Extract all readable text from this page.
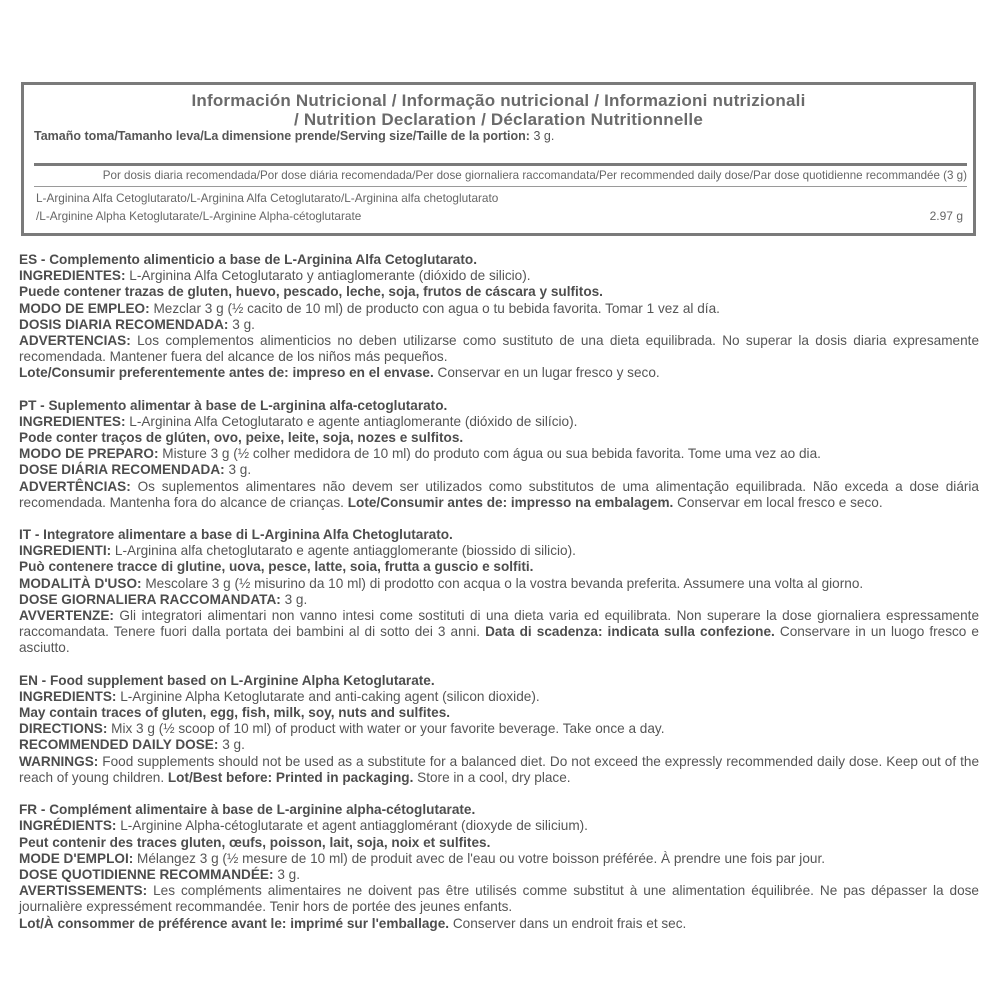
Información Nutricional / Informação nutricional / Informazioni nutrizionali
/ Nutrition Declaration / Déclaration Nutritionnelle
Tamaño toma/Tamanho leva/La dimensione prende/Serving size/Taille de la portion: 3 g.
Por dosis diaria recomendada/Por dose diária recomendada/Per dose giornaliera raccomandata/Per recommended daily dose/Par dose quotidienne recommandée (3 g)
L-Arginina Alfa Cetoglutarato/L-Arginina Alfa Cetoglutarato/L-Arginina alfa chetoglutarato
/L-Arginine Alpha Ketoglutarate/L-Arginine Alpha-cétoglutarate	2.97 g

ES - Complemento alimenticio a base de L-Arginina Alfa Cetoglutarato.

INGREDIENTES: L-Arginina Alfa Cetoglutarato y antiaglomerante (dióxido de silicio).

Puede contener trazas de gluten, huevo, pescado, leche, soja, frutos de cáscara y sulfitos.

MODO DE EMPLEO: Mezclar 3 g (½ cacito de 10 ml) de producto con agua o tu bebida favorita. Tomar 1 vez al día.

DOSIS DIARIA RECOMENDADA: 3 g.

ADVERTENCIAS: Los complementos alimenticios no deben utilizarse como sustituto de una dieta equilibrada. No superar la dosis diaria expresamente recomendada. Mantener fuera del alcance de los niños más pequeños.

Lote/Consumir preferentemente antes de: impreso en el envase. Conservar en un lugar fresco y seco.

PT - Suplemento alimentar à base de L-arginina alfa-cetoglutarato.

INGREDIENTES: L-Arginina Alfa Cetoglutarato e agente antiaglomerante (dióxido de silício).

Pode conter traços de glúten, ovo, peixe, leite, soja, nozes e sulfitos.

MODO DE PREPARO: Misture 3 g (½ colher medidora de 10 ml) do produto com água ou sua bebida favorita. Tome uma vez ao dia.

DOSE DIÁRIA RECOMENDADA: 3 g.

ADVERTÊNCIAS: Os suplementos alimentares não devem ser utilizados como substitutos de uma alimentação equilibrada. Não exceda a dose diária recomendada. Mantenha fora do alcance de crianças. Lote/Consumir antes de: impresso na embalagem. Conservar em local fresco e seco.

IT - Integratore alimentare a base di L-Arginina Alfa Chetoglutarato.

INGREDIENTI: L-Arginina alfa chetoglutarato e agente antiagglomerante (biossido di silicio).

Può contenere tracce di glutine, uova, pesce, latte, soia, frutta a guscio e solfiti.

MODALITÀ D'USO: Mescolare 3 g (½ misurino da 10 ml) di prodotto con acqua o la vostra bevanda preferita. Assumere una volta al giorno.

DOSE GIORNALIERA RACCOMANDATA: 3 g.

AVVERTENZE: Gli integratori alimentari non vanno intesi come sostituti di una dieta varia ed equilibrata. Non superare la dose giornaliera espressamente raccomandata. Tenere fuori dalla portata dei bambini al di sotto dei 3 anni. Data di scadenza: indicata sulla confezione. Conservare in un luogo fresco e asciutto.

EN - Food supplement based on L-Arginine Alpha Ketoglutarate.

INGREDIENTS: L-Arginine Alpha Ketoglutarate and anti-caking agent (silicon dioxide).

May contain traces of gluten, egg, fish, milk, soy, nuts and sulfites.

DIRECTIONS: Mix 3 g (½ scoop of 10 ml) of product with water or your favorite beverage. Take once a day.

RECOMMENDED DAILY DOSE: 3 g.

WARNINGS: Food supplements should not be used as a substitute for a balanced diet. Do not exceed the expressly recommended daily dose. Keep out of the reach of young children. Lot/Best before: Printed in packaging. Store in a cool, dry place.

FR - Complément alimentaire à base de L-arginine alpha-cétoglutarate.

INGRÉDIENTS: L-Arginine Alpha-cétoglutarate et agent antiagglomérant (dioxyde de silicium).

Peut contenir des traces gluten, œufs, poisson, lait, soja, noix et sulfites.

MODE D'EMPLOI: Mélangez 3 g (½ mesure de 10 ml) de produit avec de l'eau ou votre boisson préférée. À prendre une fois par jour.

DOSE QUOTIDIENNE RECOMMANDÉE: 3 g.

AVERTISSEMENTS: Les compléments alimentaires ne doivent pas être utilisés comme substitut à une alimentation équilibrée. Ne pas dépasser la dose journalière expressément recommandée. Tenir hors de portée des jeunes enfants.

Lot/À consommer de préférence avant le: imprimé sur l'emballage. Conserver dans un endroit frais et sec.
